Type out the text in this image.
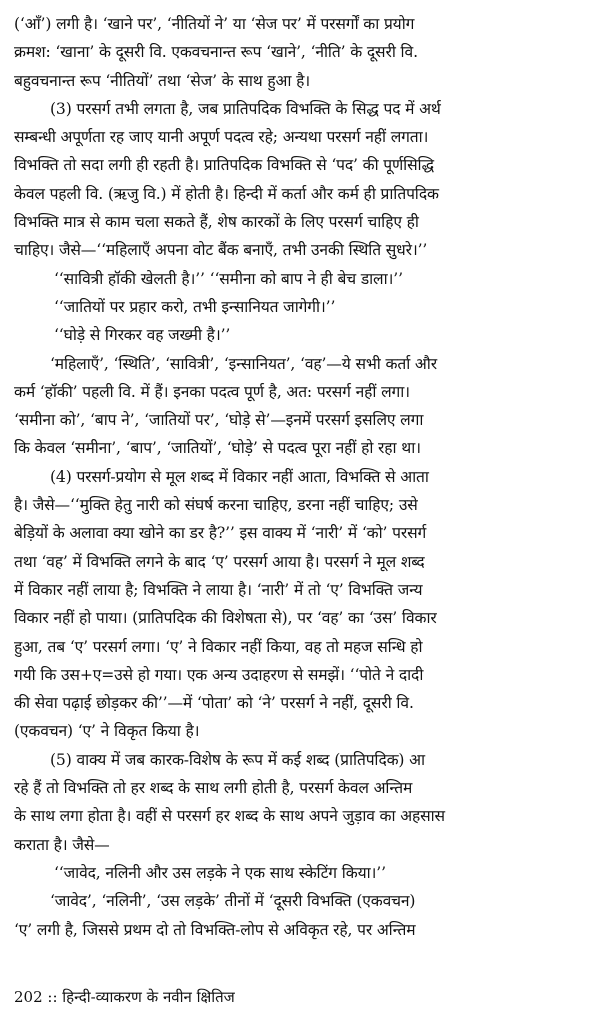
(‘आँ’) लगी है। ‘खाने पर’, ‘नीतियों ने’ या ‘सेज पर’ में परसर्गों का प्रयोग
क्रमश: ‘खाना’ के दूसरी वि. एकवचनान्त रूप ‘खाने’, ‘नीति’ के दूसरी वि.
बहुवचनान्त रूप ‘नीतियों’ तथा ‘सेज’ के साथ हुआ है।
(3) परसर्ग तभी लगता है, जब प्रातिपदिक विभक्ति के सिद्ध पद में अर्थ
सम्बन्धी अपूर्णता रह जाए यानी अपूर्ण पदत्व रहे; अन्यथा परसर्ग नहीं लगता।
विभक्ति तो सदा लगी ही रहती है। प्रातिपदिक विभक्ति से ‘पद’ की पूर्णसिद्धि
केवल पहली वि. (ऋजु वि.) में होती है। हिन्दी में कर्ता और कर्म ही प्रातिपदिक
विभक्ति मात्र से काम चला सकते हैं, शेष कारकों के लिए परसर्ग चाहिए ही
चाहिए। जैसे—‘‘महिलाएँ अपना वोट बैंक बनाएँ, तभी उनकी स्थिति सुधरे।’’
‘‘सावित्री हॉकी खेलती है।’’ ‘‘समीना को बाप ने ही बेच डाला।’’
‘‘जातियों पर प्रहार करो, तभी इन्सानियत जागेगी।’’
‘‘घोड़े से गिरकर वह जख्मी है।’’
‘महिलाएँ’, ‘स्थिति’, ‘सावित्री’, ‘इन्सानियत’, ‘वह’—ये सभी कर्ता और
कर्म ‘हॉकी’ पहली वि. में हैं। इनका पदत्व पूर्ण है, अत: परसर्ग नहीं लगा।
‘समीना को’, ‘बाप ने’, ‘जातियों पर’, ‘घोड़े से’—इनमें परसर्ग इसलिए लगा
कि केवल ‘समीना’, ‘बाप’, ‘जातियों’, ‘घोड़े’ से पदत्व पूरा नहीं हो रहा था।
(4) परसर्ग-प्रयोग से मूल शब्द में विकार नहीं आता, विभक्ति से आता
है। जैसे—‘‘मुक्ति हेतु नारी को संघर्ष करना चाहिए, डरना नहीं चाहिए; उसे
बेड़ियों के अलावा क्या खोने का डर है?’’ इस वाक्य में ‘नारी’ में ‘को’ परसर्ग
तथा ‘वह’ में विभक्ति लगने के बाद ‘ए’ परसर्ग आया है। परसर्ग ने मूल शब्द
में विकार नहीं लाया है; विभक्ति ने लाया है। ‘नारी’ में तो ‘ए’ विभक्ति जन्य
विकार नहीं हो पाया। (प्रातिपदिक की विशेषता से), पर ‘वह’ का ‘उस’ विकार
हुआ, तब ‘ए’ परसर्ग लगा। ‘ए’ ने विकार नहीं किया, वह तो महज सन्धि हो
गयी कि उस+ए=उसे हो गया। एक अन्य उदाहरण से समझें। ‘‘पोते ने दादी
की सेवा पढ़ाई छोड़कर की’’—में ‘पोता’ को ‘ने’ परसर्ग ने नहीं, दूसरी वि.
(एकवचन) ‘ए’ ने विकृत किया है।
(5) वाक्य में जब कारक-विशेष के रूप में कई शब्द (प्रातिपदिक) आ
रहे हैं तो विभक्ति तो हर शब्द के साथ लगी होती है, परसर्ग केवल अन्तिम
के साथ लगा होता है। वहीं से परसर्ग हर शब्द के साथ अपने जुड़ाव का अहसास
कराता है। जैसे—
‘‘जावेद, नलिनी और उस लड़के ने एक साथ स्केटिंग किया।’’
‘जावेद’, ‘नलिनी’, ‘उस लड़के’ तीनों में ‘दूसरी विभक्ति (एकवचन)
‘ए’ लगी है, जिससे प्रथम दो तो विभक्ति-लोप से अविकृत रहे, पर अन्तिम
202 :: हिन्दी-व्याकरण के नवीन क्षितिज
